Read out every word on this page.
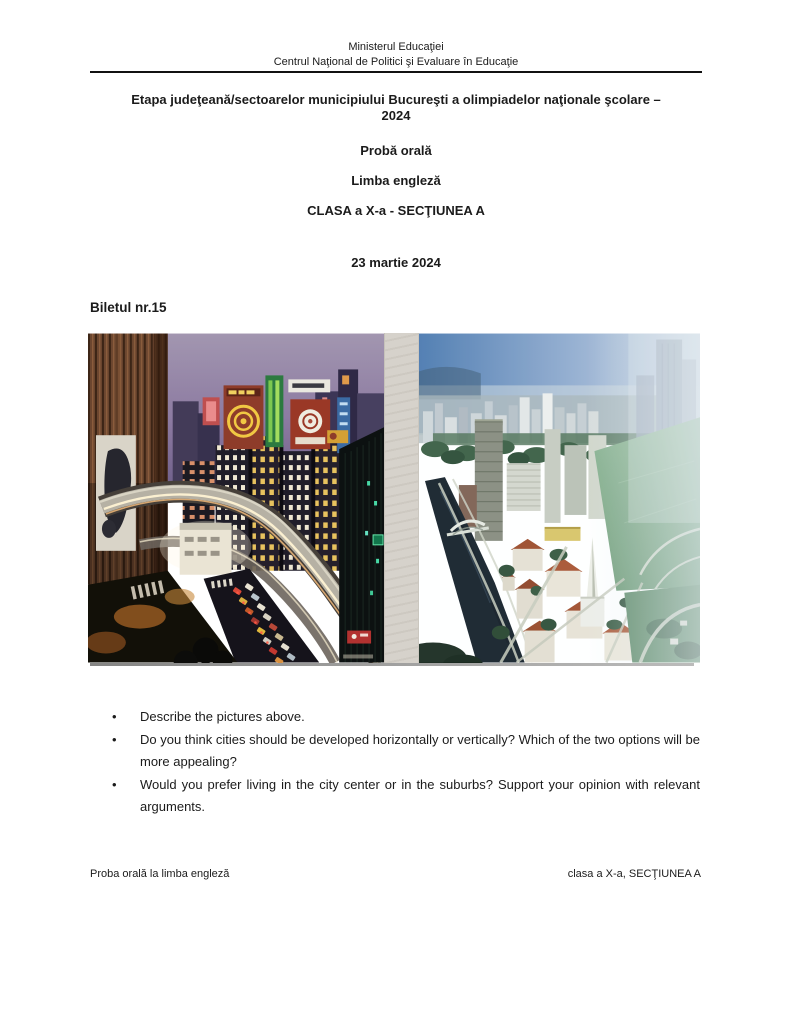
Ministerul Educaţiei
Centrul Naţional de Politici şi Evaluare în Educaţie
Etapa judeţeană/sectoarelor municipiului Bucureşti a olimpiadelor naţionale şcolare –
2024
Probă orală
Limba engleză
CLASA a X-a - SECŢIUNEA A
23 martie 2024
Biletul nr.15
•	Describe the pictures above.
•	Do you think cities should be developed horizontally or vertically? Which of the two options will be more appealing?
•	Would you prefer living in the city center or in the suburbs? Support your opinion with relevant arguments.
Proba orală la limba engleză	clasa a X-a, SECŢIUNEA A
